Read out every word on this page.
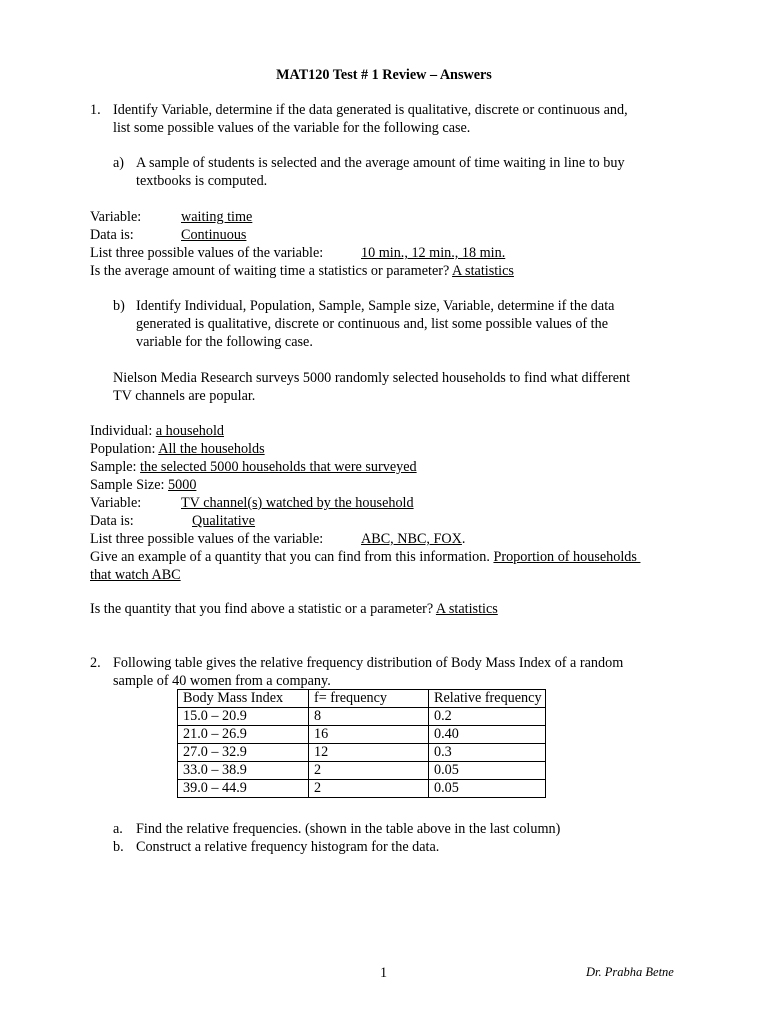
MAT120 Test # 1 Review – Answers
1. Identify Variable, determine if the data generated is qualitative, discrete or continuous and,
list some possible values of the variable for the following case.
a) A sample of students is selected and the average amount of time waiting in line to buy
textbooks is computed.
Variable:	waiting time
Data is:	Continuous
List three possible values of the variable:	10 min., 12 min., 18 min.
Is the average amount of waiting time a statistics or parameter? A statistics
b) Identify Individual, Population, Sample, Sample size, Variable, determine if the data
generated is qualitative, discrete or continuous and, list some possible values of the
variable for the following case.
Nielson Media Research surveys 5000 randomly selected households to find what different
TV channels are popular.
Individual: a household
Population: All the households
Sample: the selected 5000 households that were surveyed
Sample Size: 5000
Variable:	TV channel(s) watched by the household
Data is:	Qualitative
List three possible values of the variable:	ABC, NBC, FOX.
Give an example of a quantity that you can find from this information. Proportion of households
that watch ABC
Is the quantity that you find above a statistic or a parameter? A statistics
2. Following table gives the relative frequency distribution of Body Mass Index of a random
sample of 40 women from a company.
Body Mass Index	f= frequency	Relative frequency
15.0 – 20.9	8	0.2
21.0 – 26.9	16	0.40
27.0 – 32.9	12	0.3
33.0 – 38.9	2	0.05
39.0 – 44.9	2	0.05
a. Find the relative frequencies. (shown in the table above in the last column)
b. Construct a relative frequency histogram for the data.
1	Dr. Prabha Betne
